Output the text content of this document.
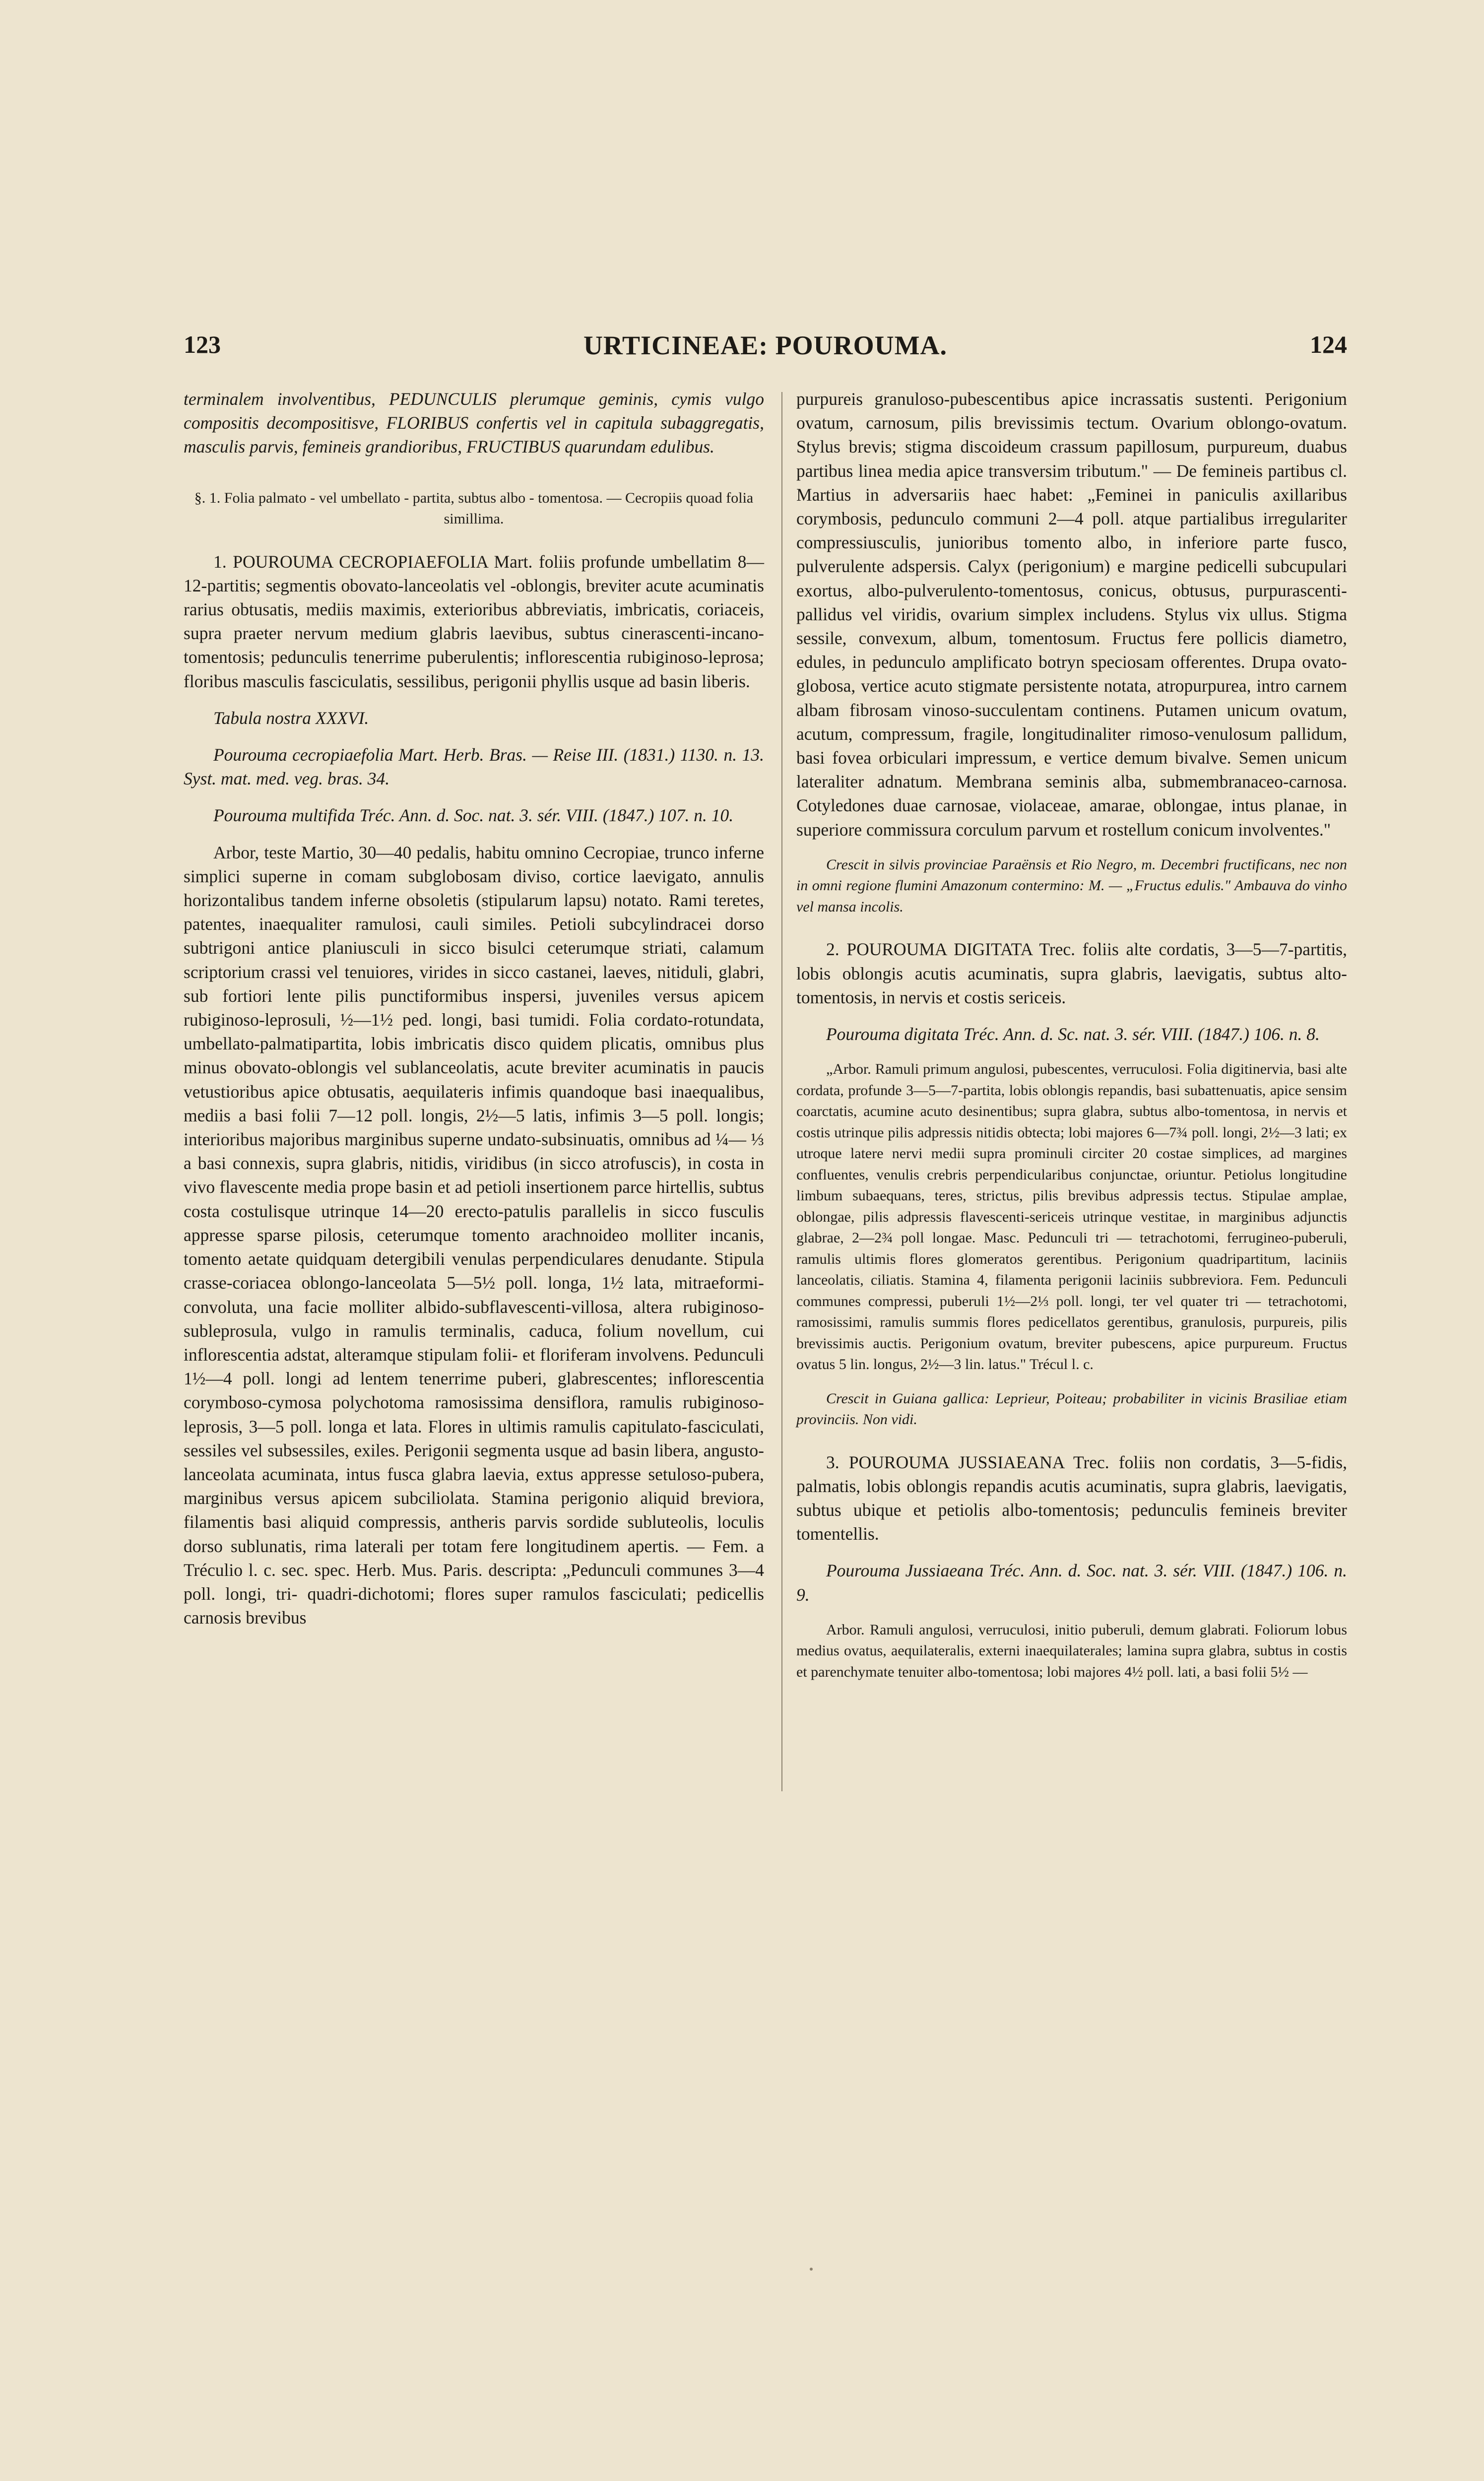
URTICINEAE: POUROUMA.
123	124

terminalem involventibus, PEDUNCULIS plerumque geminis, cymis vulgo compositis decompositisve, FLORIBUS confertis vel in capitula subaggregatis, masculis parvis, femineis grandioribus, FRUCTIBUS quarundam edulibus.

§. 1. Folia palmato - vel umbellato - partita, subtus albo - tomentosa. — Cecropiis quoad folia simillima.

1. POUROUMA CECROPIAEFOLIA Mart. foliis profunde umbellatim 8—12-partitis; segmentis obovato-lanceolatis vel -oblongis, breviter acute acuminatis rarius obtusatis, mediis maximis, exterioribus abbreviatis, imbricatis, coriaceis, supra praeter nervum medium glabris laevibus, subtus cinerascenti-incano-tomentosis; pedunculis tenerrime puberulentis; inflorescentia rubiginoso-leprosa; floribus masculis fasciculatis, sessilibus, perigonii phyllis usque ad basin liberis.

Tabula nostra XXXVI.

Pourouma cecropiaefolia Mart. Herb. Bras. — Reise III. (1831.) 1130. n. 13. Syst. mat. med. veg. bras. 34.

Pourouma multifida Tréc. Ann. d. Soc. nat. 3. sér. VIII. (1847.) 107. n. 10.

Arbor, teste Martio, 30—40 pedalis, habitu omnino Cecropiae, trunco inferne simplici superne in comam subglobosam diviso, cortice laevigato, annulis horizontalibus tandem inferne obsoletis (stipularum lapsu) notato. Rami teretes, patentes, inaequaliter ramulosi, cauli similes. Petioli subcylindracei dorso subtrigoni antice planiusculi in sicco bisulci ceterumque striati, calamum scriptorium crassi vel tenuiores, virides in sicco castanei, laeves, nitiduli, glabri, sub fortiori lente pilis punctiformibus inspersi, juveniles versus apicem rubiginoso-leprosuli, ½—1½ ped. longi, basi tumidi. Folia cordato-rotundata, umbellato-palmatipartita, lobis imbricatis disco quidem plicatis, omnibus plus minus obovato-oblongis vel sublanceolatis, acute breviter acuminatis in paucis vetustioribus apice obtusatis, aequilateris infimis quandoque basi inaequalibus, mediis a basi folii 7—12 poll. longis, 2½—5 latis, infimis 3—5 poll. longis; interioribus majoribus marginibus superne undato-subsinuatis, omnibus ad ¼— ⅓ a basi connexis, supra glabris, nitidis, viridibus (in sicco atrofuscis), in costa in vivo flavescente media prope basin et ad petioli insertionem parce hirtellis, subtus costa costulisque utrinque 14—20 erecto-patulis parallelis in sicco fusculis appresse sparse pilosis, ceterumque tomento arachnoideo molliter incanis, tomento aetate quidquam detergibili venulas perpendiculares denudante. Stipula crasse-coriacea oblongo-lanceolata 5—5½ poll. longa, 1½ lata, mitraeformi-convoluta, una facie molliter albido-subflavescenti-villosa, altera rubiginoso-subleprosula, vulgo in ramulis terminalis, caduca, folium novellum, cui inflorescentia adstat, alteramque stipulam folii- et floriferam involvens. Pedunculi 1½—4 poll. longi ad lentem tenerrime puberi, glabrescentes; inflorescentia corymboso-cymosa polychotoma ramosissima densiflora, ramulis rubiginoso-leprosis, 3—5 poll. longa et lata. Flores in ultimis ramulis capitulato-fasciculati, sessiles vel subsessiles, exiles. Perigonii segmenta usque ad basin libera, angusto-lanceolata acuminata, intus fusca glabra laevia, extus appresse setuloso-pubera, marginibus versus apicem subciliolata. Stamina perigonio aliquid breviora, filamentis basi aliquid compressis, antheris parvis sordide subluteolis, loculis dorso sublunatis, rima laterali per totam fere longitudinem apertis. — Fem. a Tréculio l. c. sec. spec. Herb. Mus. Paris. descripta: „Pedunculi communes 3—4 poll. longi, tri- quadri-dichotomi; flores super ramulos fasciculati; pedicellis carnosis brevibus

purpureis granuloso-pubescentibus apice incrassatis sustenti. Perigonium ovatum, carnosum, pilis brevissimis tectum. Ovarium oblongo-ovatum. Stylus brevis; stigma discoideum crassum papillosum, purpureum, duabus partibus linea media apice transversim tributum." — De femineis partibus cl. Martius in adversariis haec habet: „Feminei in paniculis axillaribus corymbosis, pedunculo communi 2—4 poll. atque partialibus irregulariter compressiusculis, junioribus tomento albo, in inferiore parte fusco, pulverulente adspersis. Calyx (perigonium) e margine pedicelli subcupulari exortus, albo-pulverulento-tomentosus, conicus, obtusus, purpurascenti-pallidus vel viridis, ovarium simplex includens. Stylus vix ullus. Stigma sessile, convexum, album, tomentosum. Fructus fere pollicis diametro, edules, in pedunculo amplificato botryn speciosam offerentes. Drupa ovato-globosa, vertice acuto stigmate persistente notata, atropurpurea, intro carnem albam fibrosam vinoso-succulentam continens. Putamen unicum ovatum, acutum, compressum, fragile, longitudinaliter rimoso-venulosum pallidum, basi fovea orbiculari impressum, e vertice demum bivalve. Semen unicum lateraliter adnatum. Membrana seminis alba, submembranaceo-carnosa. Cotyledones duae carnosae, violaceae, amarae, oblongae, intus planae, in superiore commissura corculum parvum et rostellum conicum involventes."

Crescit in silvis provinciae Paraënsis et Rio Negro, m. Decembri fructificans, nec non in omni regione flumini Amazonum contermino: M. — „Fructus edulis." Ambauva do vinho vel mansa incolis.

2. POUROUMA DIGITATA Trec. foliis alte cordatis, 3—5—7-partitis, lobis oblongis acutis acuminatis, supra glabris, laevigatis, subtus alto-tomentosis, in nervis et costis sericeis.

Pourouma digitata Tréc. Ann. d. Sc. nat. 3. sér. VIII. (1847.) 106. n. 8.

„Arbor. Ramuli primum angulosi, pubescentes, verruculosi. Folia digitinervia, basi alte cordata, profunde 3—5—7-partita, lobis oblongis repandis, basi subattenuatis, apice sensim coarctatis, acumine acuto desinentibus; supra glabra, subtus albo-tomentosa, in nervis et costis utrinque pilis adpressis nitidis obtecta; lobi majores 6—7¾ poll. longi, 2½—3 lati; ex utroque latere nervi medii supra prominuli circiter 20 costae simplices, ad margines confluentes, venulis crebris perpendicularibus conjunctae, oriuntur. Petiolus longitudine limbum subaequans, teres, strictus, pilis brevibus adpressis tectus. Stipulae amplae, oblongae, pilis adpressis flavescenti-sericeis utrinque vestitae, in marginibus adjunctis glabrae, 2—2¾ poll longae. Masc. Pedunculi tri — tetrachotomi, ferrugineo-puberuli, ramulis ultimis flores glomeratos gerentibus. Perigonium quadripartitum, laciniis lanceolatis, ciliatis. Stamina 4, filamenta perigonii laciniis subbreviora. Fem. Pedunculi communes compressi, puberuli 1½—2⅓ poll. longi, ter vel quater tri — tetrachotomi, ramosissimi, ramulis summis flores pedicellatos gerentibus, granulosis, purpureis, pilis brevissimis auctis. Perigonium ovatum, breviter pubescens, apice purpureum. Fructus ovatus 5 lin. longus, 2½—3 lin. latus." Trécul l. c.

Crescit in Guiana gallica: Leprieur, Poiteau; probabiliter in vicinis Brasiliae etiam provinciis. Non vidi.

3. POUROUMA JUSSIAEANA Trec. foliis non cordatis, 3—5-fidis, palmatis, lobis oblongis repandis acutis acuminatis, supra glabris, laevigatis, subtus ubique et petiolis albo-tomentosis; pedunculis femineis breviter tomentellis.

Pourouma Jussiaeana Tréc. Ann. d. Soc. nat. 3. sér. VIII. (1847.) 106. n. 9.

Arbor. Ramuli angulosi, verruculosi, initio puberuli, demum glabrati. Foliorum lobus medius ovatus, aequilateralis, externi inaequilaterales; lamina supra glabra, subtus in costis et parenchymate tenuiter albo-tomentosa; lobi majores 4½ poll. lati, a basi folii 5½ —
